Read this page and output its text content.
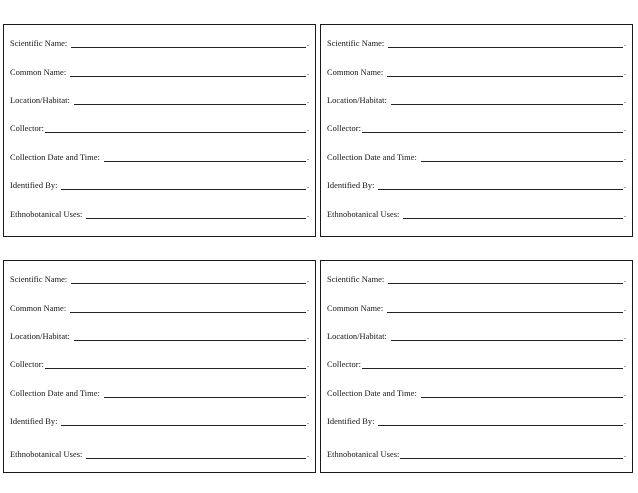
Scientific Name:	.
Common Name:	.
Location/Habitat:	.
Collector:	.
Collection Date and Time:	.
Identified By:	.
Ethnobotanical Uses:	.
Scientific Name:	.
Common Name:	.
Location/Habitat:	.
Collector:	.
Collection Date and Time:	.
Identified By:	.
Ethnobotanical Uses:	.
Scientific Name:	.
Common Name:	.
Location/Habitat:	.
Collector:	.
Collection Date and Time:	.
Identified By:	.
Ethnobotanical Uses:	.
Scientific Name:	.
Common Name:	.
Location/Habitat:	.
Collector:	.
Collection Date and Time:	.
Identified By:	.
Ethnobotanical Uses:	.
